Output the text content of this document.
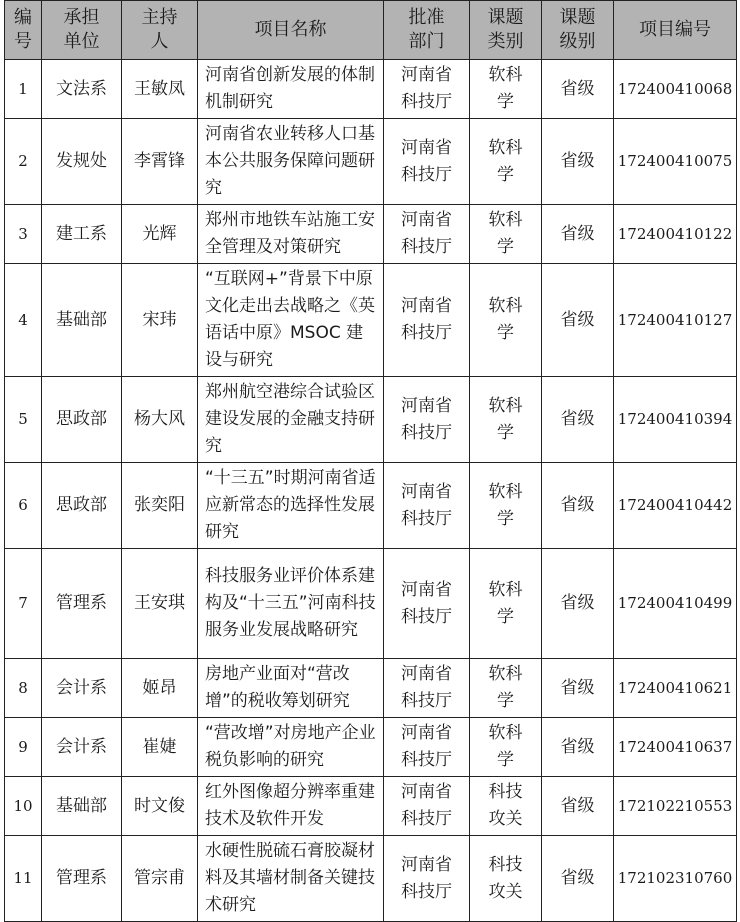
编号	承担单位	主持人	项目名称	批准部门	课题类别	课题级别	项目编号
1	文法系	王敏凤	河南省创新发展的体制机制研究	河南省科技厅	软科学	省级	172400410068
2	发规处	李霄锋	河南省农业转移人口基本公共服务保障问题研究	河南省科技厅	软科学	省级	172400410075
3	建工系	光辉	郑州市地铁车站施工安全管理及对策研究	河南省科技厅	软科学	省级	172400410122
4	基础部	宋玮	“互联网+”背景下中原文化走出去战略之《英语话中原》MSOC 建设与研究	河南省科技厅	软科学	省级	172400410127
5	思政部	杨大风	郑州航空港综合试验区建设发展的金融支持研究	河南省科技厅	软科学	省级	172400410394
6	思政部	张奕阳	“十三五”时期河南省适应新常态的选择性发展研究	河南省科技厅	软科学	省级	172400410442
7	管理系	王安琪	科技服务业评价体系建构及“十三五”河南科技服务业发展战略研究	河南省科技厅	软科学	省级	172400410499
8	会计系	姬昂	房地产业面对“营改增”的税收筹划研究	河南省科技厅	软科学	省级	172400410621
9	会计系	崔婕	“营改增”对房地产企业税负影响的研究	河南省科技厅	软科学	省级	172400410637
10	基础部	时文俊	红外图像超分辨率重建技术及软件开发	河南省科技厅	科技攻关	省级	172102210553
11	管理系	管宗甫	水硬性脱硫石膏胶凝材料及其墙材制备关键技术研究	河南省科技厅	科技攻关	省级	172102310760
